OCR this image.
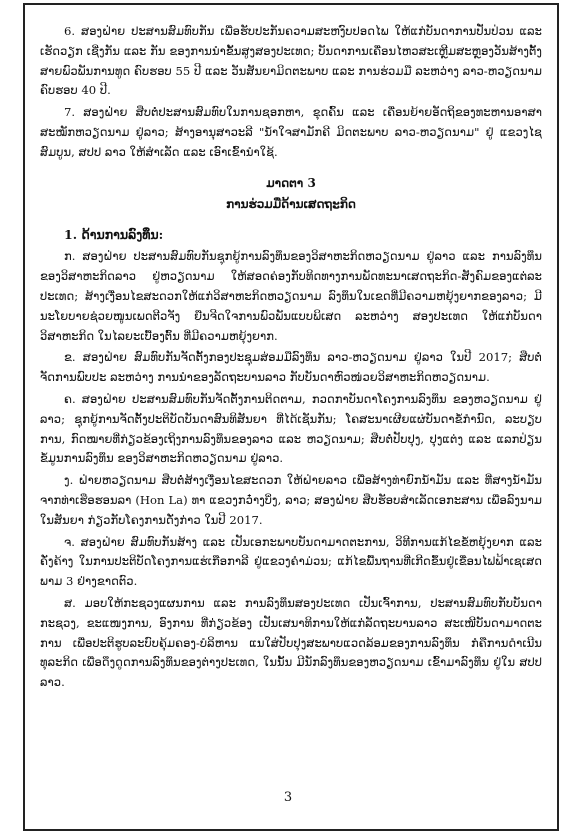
6. ສອງຝ່າຍ ປະສານສົມທົບກັນ ເພື່ອຮັບປະກັນຄວາມສະຫງົບປອດໄພ ໃຫ້ແກ່ບັນດາການປັ່ນປ່ວນ ແລະ ເຮັດວຽກ ເຊີ່ງກັນ ແລະ ກັນ ຂອງການນຳຂັ້ນສູງສອງປະເທດ; ບັນດາການເຄື່ອນໄຫວສະເຫຼີມສະຫຼອງວັນສ້າງຕັ້ງສາຍພົວພັນການທູດ ຄົບຮອບ 55 ປີ ແລະ ວັນສັນຍາມິດຕະພາບ ແລະ ການຮ່ວມມື ລະຫວ່າງ ລາວ-ຫວຽດນາມ ຄົບຮອບ 40 ປີ.

7. ສອງຝ່າຍ ສືບຕໍ່ປະສານສົມທົບໃນການຊອກຫາ, ຂຸດຄົ້ນ ແລະ ເຄື່ອນຍ້າຍອັດຖິຂອງທະຫານອາສາສະໝັກຫວຽດນາມ ຢູ່ລາວ; ສ້າງອານຸສາວະລີ "ນ້ຳໃຈສາມັກຄີ ມິດຕະພາບ ລາວ-ຫວຽດນາມ" ຢູ່ ແຂວງໄຊສົມບູນ, ສປປ ລາວ ໃຫ້ສຳເລັດ ແລະ ເອົາເຂົ້ານຳໃຊ້.

ມາດຕາ 3
ການຮ່ວມມືດ້ານເສດຖະກິດ
1. ດ້ານການລົງທຶນ:

ກ. ສອງຝ່າຍ ປະສານສົມທົບກັນຊຸກຍູ້ການລົງທຶນຂອງວິສາຫະກິດຫວຽດນາມ ຢູ່ລາວ ແລະ ການລົງທຶນຂອງວິສາຫະກິດລາວ ຢູ່ຫວຽດນາມ ໃຫ້ສອດຄ່ອງກັບທິດທາງການພັດທະນາເສດຖະກິດ-ສັງຄົມຂອງແຕ່ລະປະເທດ; ສ້າງເງື່ອນໄຂສະດວກໃຫ້ແກ່ວິສາຫະກິດຫວຽດນາມ ລົງທຶນໃນເຂດທີ່ມີຄວາມຫຍຸ້ງຍາກຂອງລາວ; ມີນະໂຍບາຍຊ່ວຍໜູນເພດຕີວຈັງ ຍືນຈີດໃຈການພົວພັນແບບພິເສດ ລະຫວ່າງ ສອງປະເທດ ໃຫ້ແກ່ບັນດາວິສາຫະກິດ ໃນໄລຍະເບື້ອງຕົ້ນ ທີ່ມີຄວາມຫຍຸ້ງຍາກ.

ຂ. ສອງຝ່າຍ ສົມທົບກັນຈັດຕັ້ງກອງປະຊຸມສ່ອມມືລົງທຶນ ລາວ-ຫວຽດນາມ ຢູ່ລາວ ໃນປີ 2017; ສືບຕໍ່ຈັດການພົບປະ ລະຫວ່າງ ການນຳຂອງລັດຖະບານລາວ ກັບບັນດາຫົວໜ່ວຍວິສາຫະກິດຫວຽດນາມ.

ຄ. ສອງຝ່າຍ ປະສານສົມທົບກັນຈັດຕັ້ງການຕິດຕາມ, ກວດກາບັນດາໂຄງການລົງທຶນ ຂອງຫວຽດນາມ ຢູ່ລາວ; ຊຸກຍູ້ການຈັດຕັ້ງປະຕິບັດບັນດາສົນທິສັນຍາ ທີ່ໄດ້ເຊັນກັນ; ໂຄສະນາເຜີຍແຜ່ບັນດາຂໍ້ກຳນົດ, ລະບຽບການ, ກົດໝາຍທີ່ກ່ຽວຂ້ອງເຖິງການລົງທຶນຂອງລາວ ແລະ ຫວຽດນາມ; ສືບຕໍ່ປັບປຸງ, ປຸງແຕ່ງ ແລະ ແລກປ່ຽນຂໍ້ມູນການລົງທຶນ ຂອງວິສາຫະກິດຫວຽດນາມ ຢູ່ລາວ.

ງ. ຝ່າຍຫວຽດນາມ ສືບຕໍ່ສ້າງເງື່ອນໄຂສະດວກ ໃຫ້ຝ່າຍລາວ ເພື່ອສ້າງທ່າຍົກນ້ຳມັນ ແລະ ທີ່ສາງນ້ຳມັນ ຈາກທ່າເຮືອຮອນລາ (Hon La) ທາ ແຂວງກວ໋າງບິ່ງ, ລາວ; ສອງຝ່າຍ ສືບຮັອບສຳເລັດເອກະສານ ເພື່ອລົງນາມໃນສັນຍາ ກ່ຽວກັບໂຄງການດັ່ງກ່າວ ໃນປີ 2017.

ຈ. ສອງຝ່າຍ ສົມທົບກັນສ້າງ ແລະ ເປັນເອກະພາບບັນດາມາດຕະການ, ວິທີການແກ້ໄຂຂໍ້ຫຍຸ້ງຍາກ ແລະ ຄັ່ງຄ້າງ ໃນການປະຕິບັດໂຄງການແຮ່ເກືອກາລີ ຢູ່ແຂວງຄຳມ່ວນ; ແກ້ໄຂພື້ນຖານທີ່ເກີດຂຶ້ນຢູ່ເຂື່ອນໄຟຟ້າເຊເສດພາມ 3 ຢ່າງຂາດຕົວ.

ສ. ມອບໃຫ້ກະຊວງແຜນການ ແລະ ການລົງທຶນສອງປະເທດ ເປັນເຈົ້າການ, ປະສານສົມທົບກັບບັນດາກະຊວງ, ຂະແໜງການ, ອົງການ ທີ່ກ່ຽວຂ້ອງ ເປັນເສນາທິການໃຫ້ແກ່ລັດຖະບານລາວ ສະເໜີບັນດາມາດຕະການ ເພື່ອປະຕິຮູບລະບົບຄຸ້ມຄອງ-ບໍລິຫານ ແນໃສ່ປັບປຸງສະພາບແວດລ້ອມຂອງການລົງທຶນ ກໍຄືການດຳເນີນທຸລະກິດ ເພື່ອດຶງດູດການລົງທຶນຂອງຕ່າງປະເທດ, ໃນນັ້ນ ມີນັກລົງທຶນຂອງຫວຽດນາມ ເຂົ້າມາລົງທຶນ ຢູ່ໃນ ສປປ ລາວ.

3
